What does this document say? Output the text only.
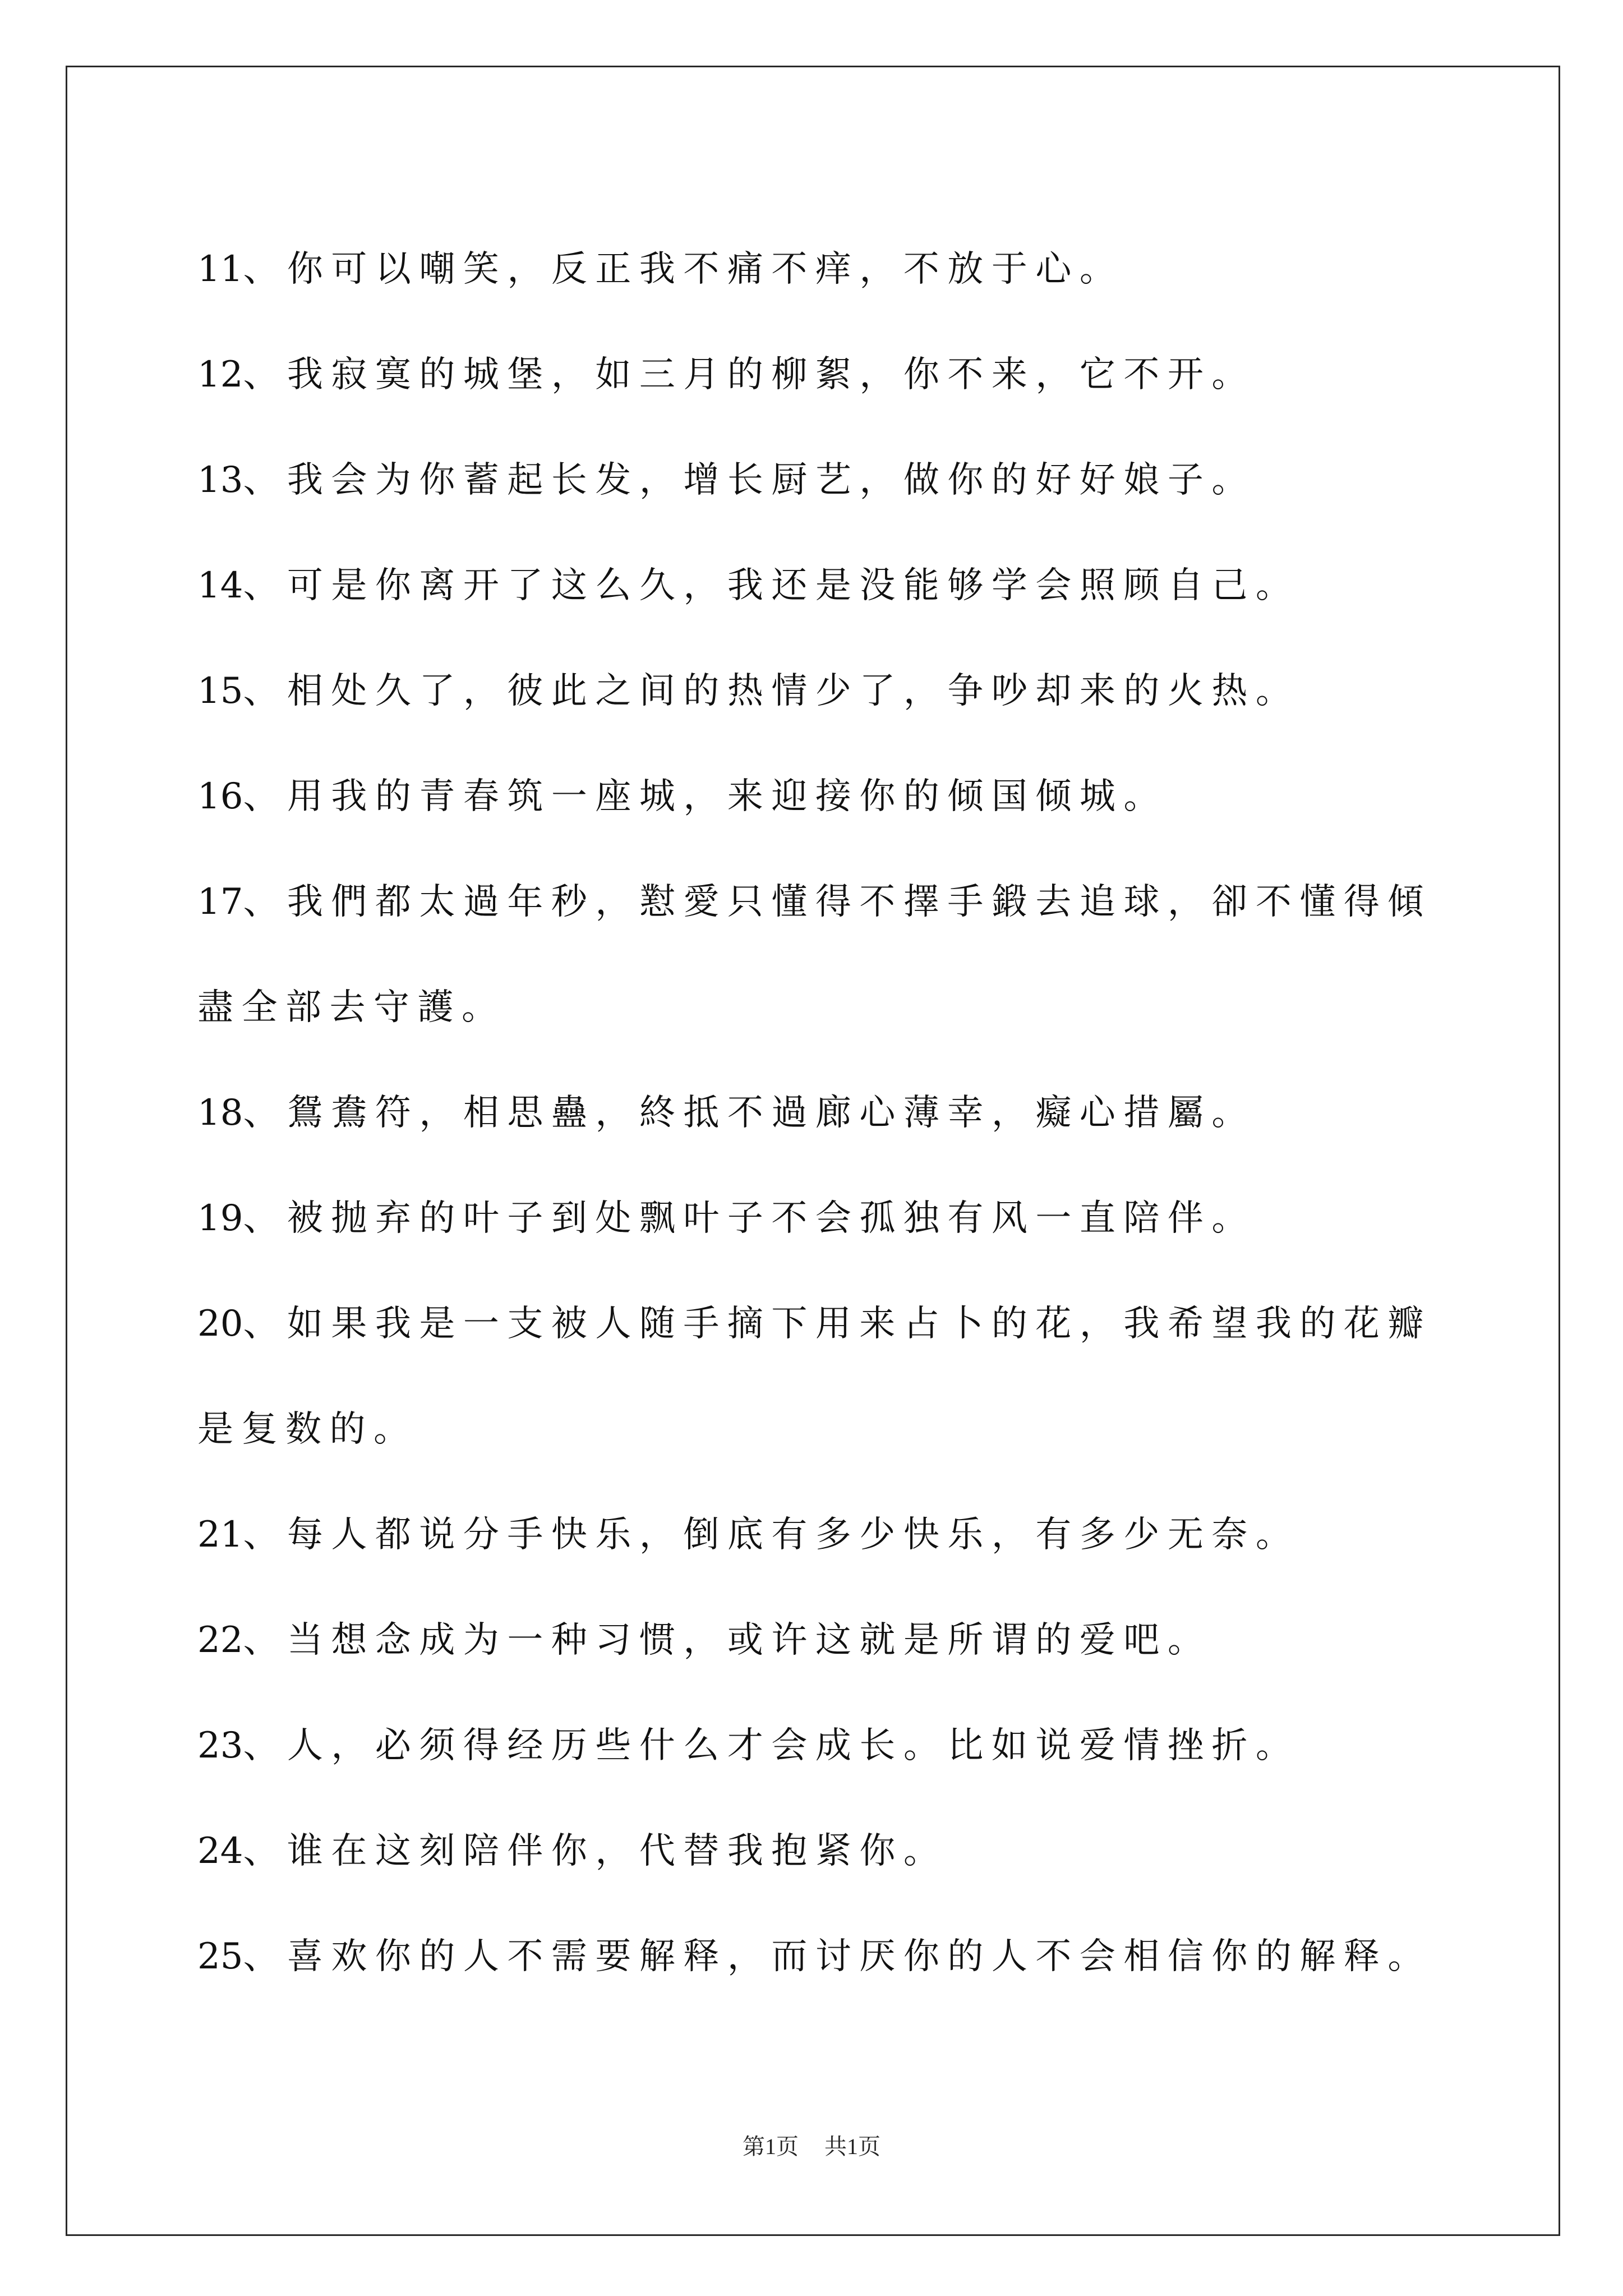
11、你可以嘲笑，反正我不痛不痒，不放于心。
12、我寂寞的城堡，如三月的柳絮，你不来，它不开。
13、我会为你蓄起长发，增长厨艺，做你的好好娘子。
14、可是你离开了这么久，我还是没能够学会照顾自己。
15、相处久了，彼此之间的热情少了，争吵却来的火热。
16、用我的青春筑一座城，来迎接你的倾国倾城。
17、我們都太過年秒，懟愛只懂得不擇手鍛去追球，卻不懂得傾盡全部去守護。
18、鴛鴦符，相思蠱，終抵不過廊心薄幸，癡心措屬。
19、被抛弃的叶子到处飘叶子不会孤独有风一直陪伴。
20、如果我是一支被人随手摘下用来占卜的花，我希望我的花瓣是复数的。
21、每人都说分手快乐，倒底有多少快乐，有多少无奈。
22、当想念成为一种习惯，或许这就是所谓的爱吧。
23、人，必须得经历些什么才会成长。比如说爱情挫折。
24、谁在这刻陪伴你，代替我抱紧你。
25、喜欢你的人不需要解释，而讨厌你的人不会相信你的解释。
第1页 共1页
